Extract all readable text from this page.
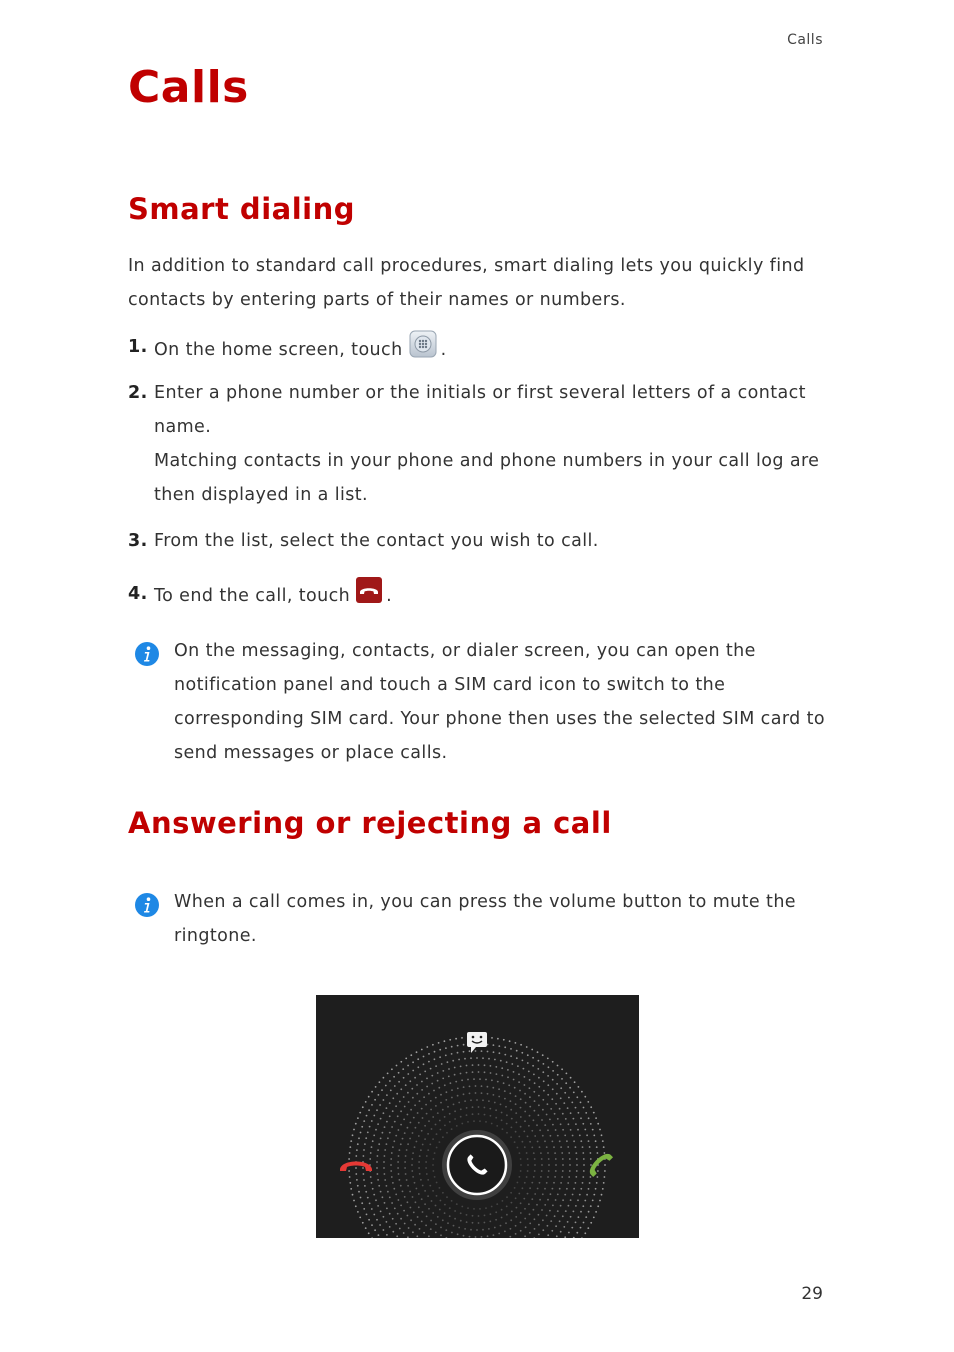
Calls
Calls
Smart dialing

In addition to standard call procedures, smart dialing lets you quickly find contacts by entering parts of their names or numbers.

1. On the home screen, touch .
2. Enter a phone number or the initials or first several letters of a contact name.
Matching contacts in your phone and phone numbers in your call log are then displayed in a list.
3. From the list, select the contact you wish to call.
4. To end the call, touch .
On the messaging, contacts, or dialer screen, you can open the notification panel and touch a SIM card icon to switch to the corresponding SIM card. Your phone then uses the selected SIM card to send messages or place calls.
Answering or rejecting a call
When a call comes in, you can press the volume button to mute the ringtone.
29
